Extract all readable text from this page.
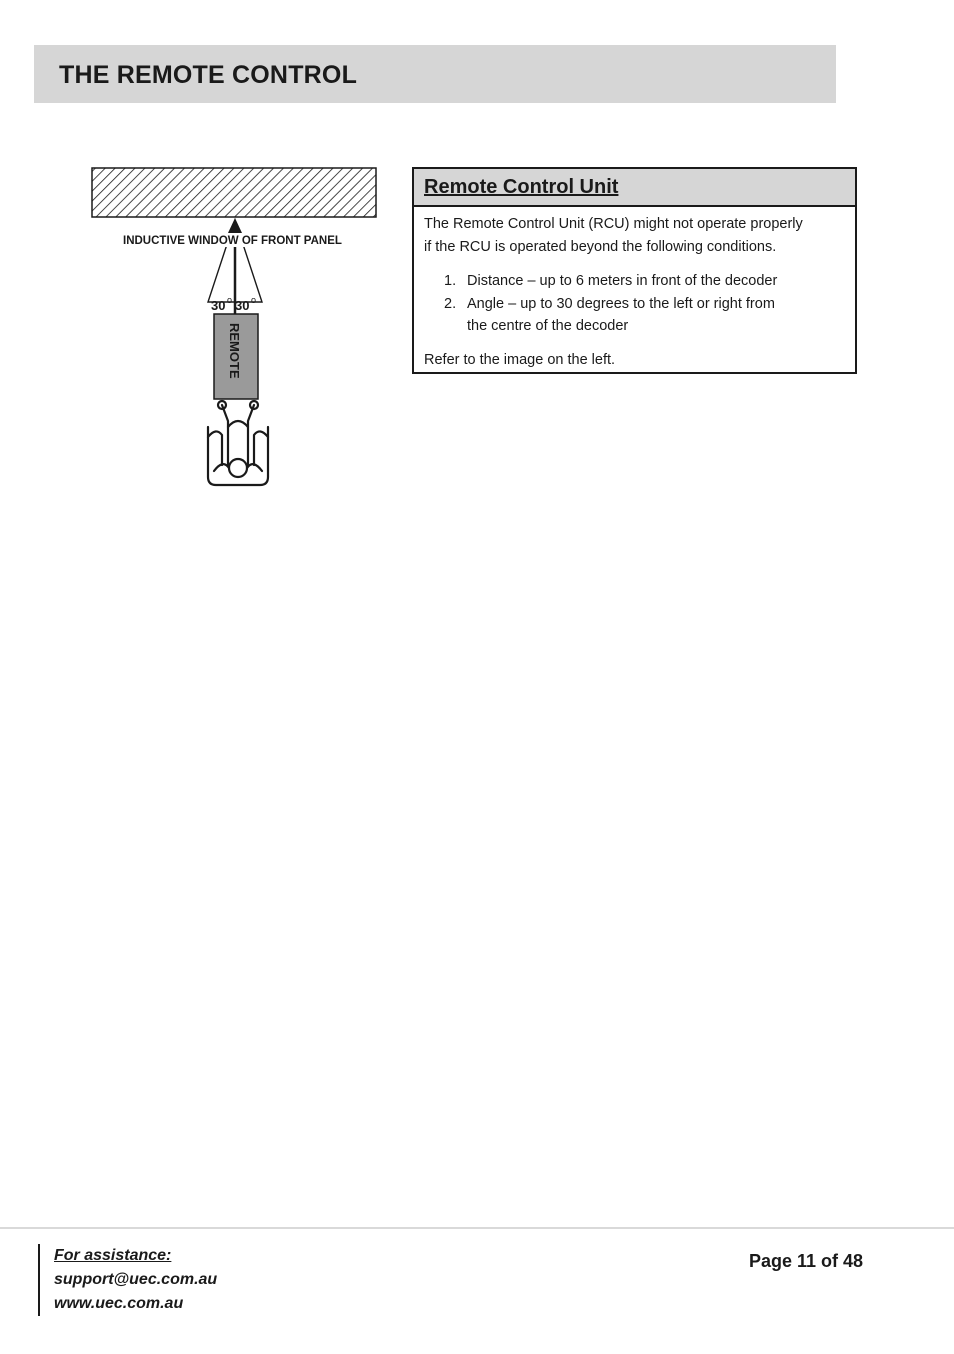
THE REMOTE CONTROL
INDUCTIVE WINDOW OF FRONT PANEL
30 o 30 o
REMOTE
Remote Control Unit

The Remote Control Unit (RCU) might not operate properly

if the RCU is operated beyond the following conditions.

1. Distance – up to 6 meters in front of the decoder
2. Angle – up to 30 degrees to the left or right from
the centre of the decoder

Refer to the image on the left.

For assistance:
support@uec.com.au
www.uec.com.au
Page 11 of 48
